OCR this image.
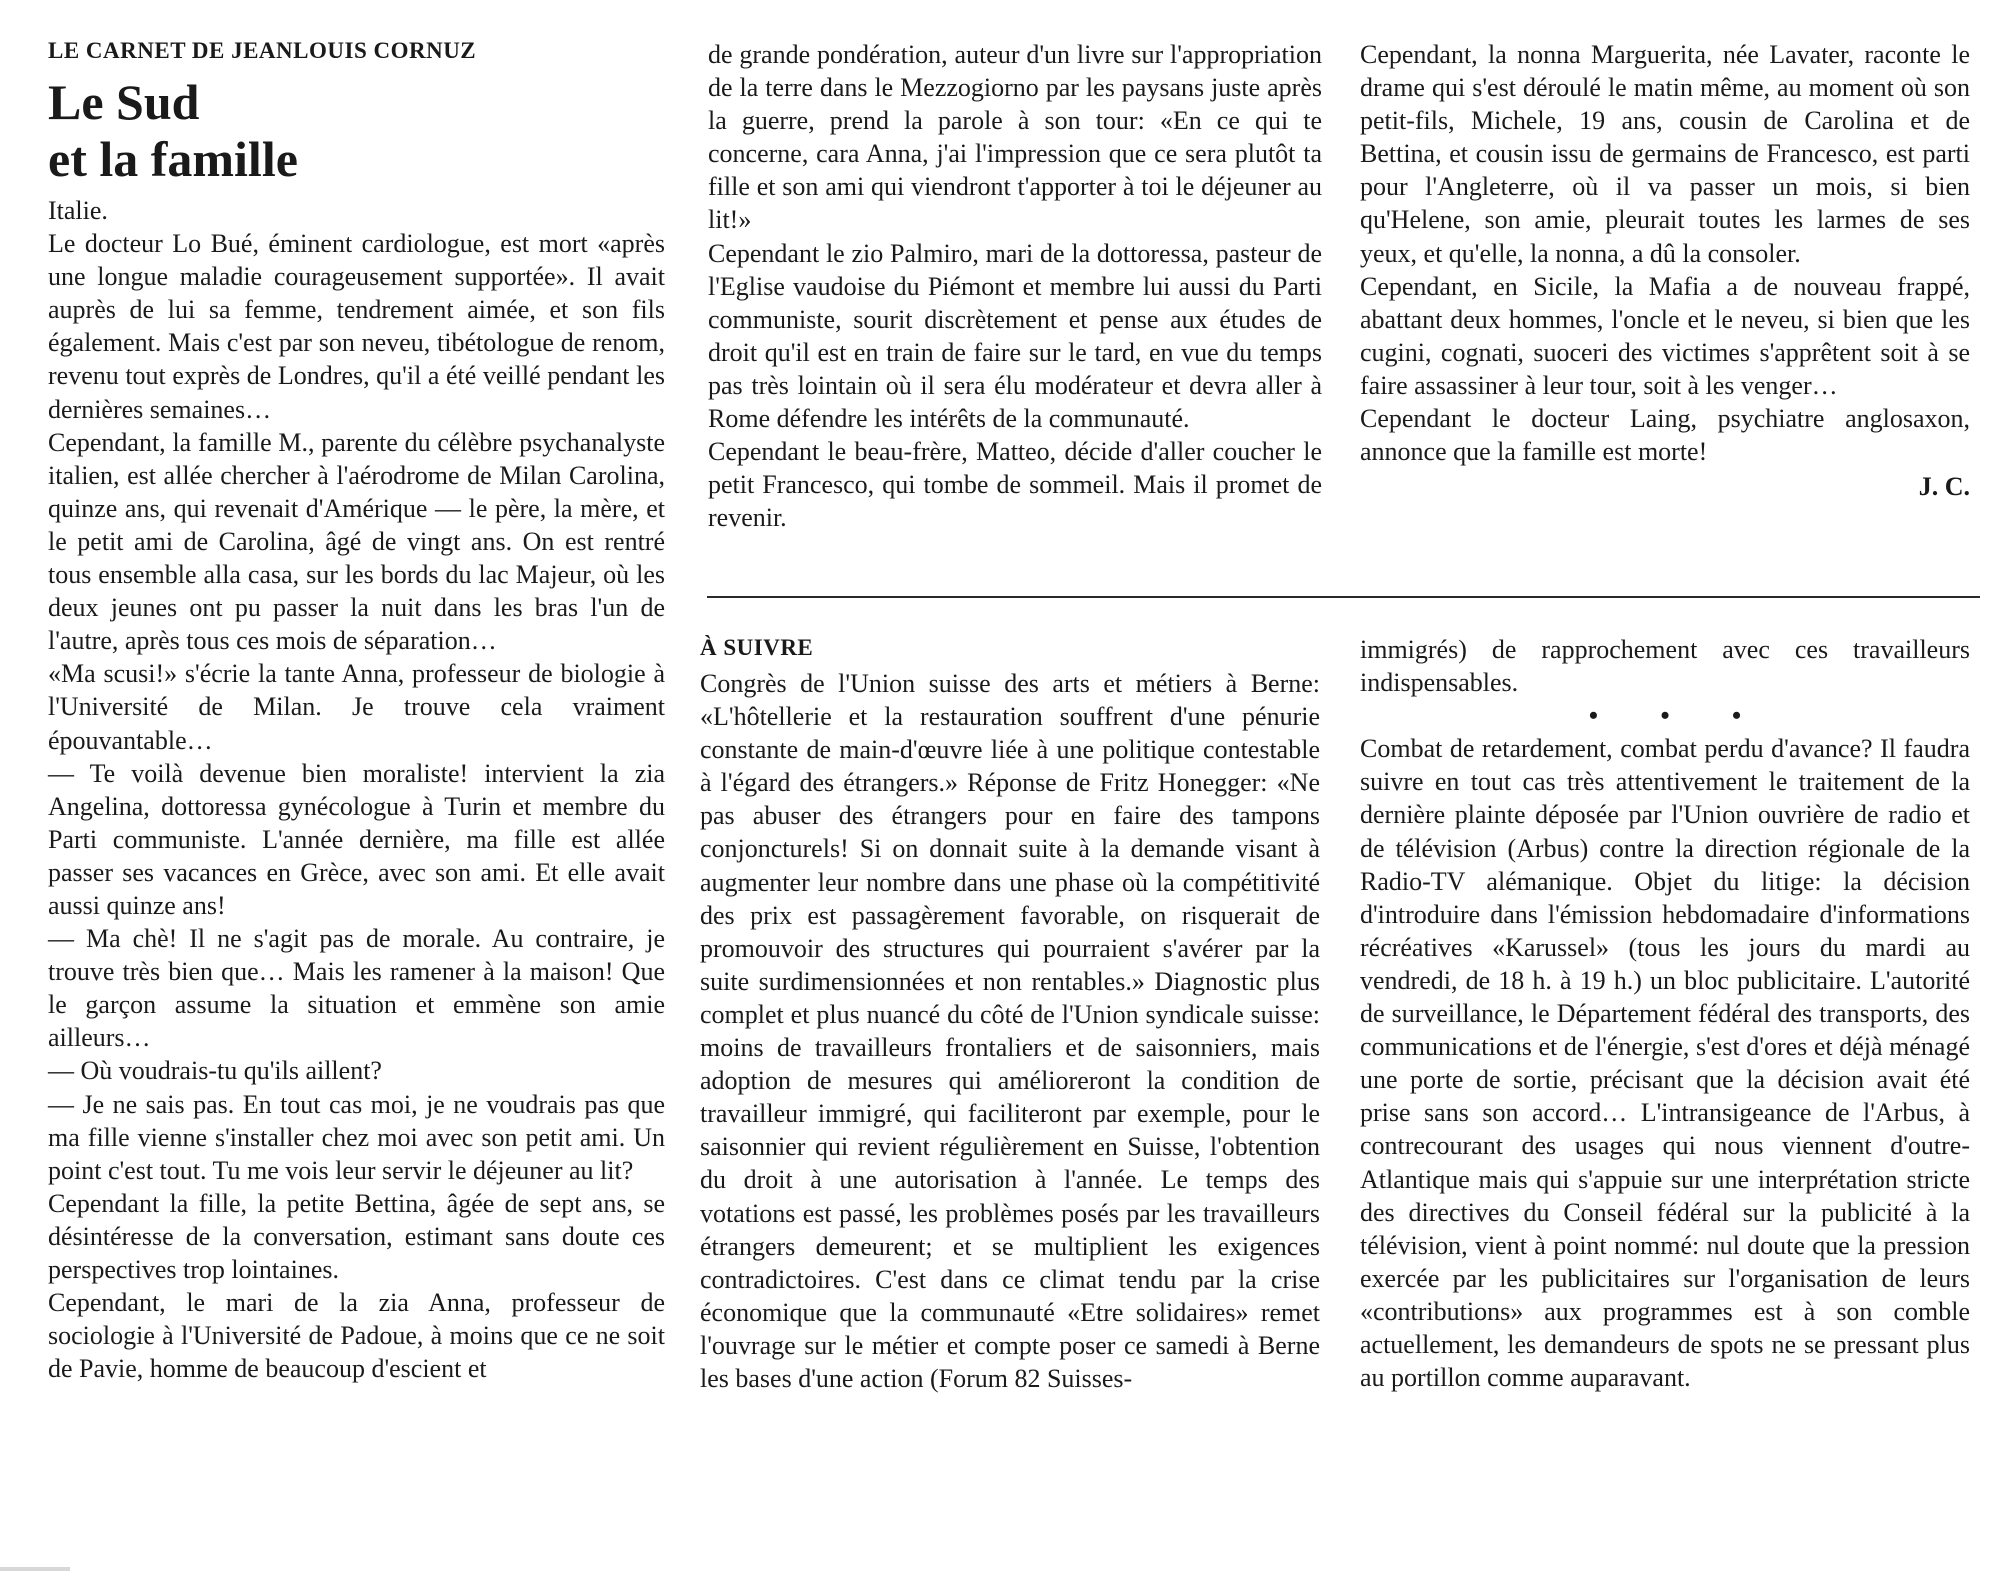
LE CARNET DE JEANLOUIS CORNUZ
Le Sud
et la famille

Italie.

Le docteur Lo Bué, éminent cardiologue, est mort «après une longue maladie courageusement supportée». Il avait auprès de lui sa femme, tendrement aimée, et son fils également. Mais c'est par son neveu, tibétologue de renom, revenu tout exprès de Londres, qu'il a été veillé pendant les dernières semaines…

Cependant, la famille M., parente du célèbre psychanalyste italien, est allée chercher à l'aérodrome de Milan Carolina, quinze ans, qui revenait d'Amérique — le père, la mère, et le petit ami de Carolina, âgé de vingt ans. On est rentré tous ensemble alla casa, sur les bords du lac Majeur, où les deux jeunes ont pu passer la nuit dans les bras l'un de l'autre, après tous ces mois de séparation…

«Ma scusi!» s'écrie la tante Anna, professeur de biologie à l'Université de Milan. Je trouve cela vraiment épouvantable…

— Te voilà devenue bien moraliste! intervient la zia Angelina, dottoressa gynécologue à Turin et membre du Parti communiste. L'année dernière, ma fille est allée passer ses vacances en Grèce, avec son ami. Et elle avait aussi quinze ans!

— Ma chè! Il ne s'agit pas de morale. Au contraire, je trouve très bien que… Mais les ramener à la maison! Que le garçon assume la situation et emmène son amie ailleurs…

— Où voudrais-tu qu'ils aillent?

— Je ne sais pas. En tout cas moi, je ne voudrais pas que ma fille vienne s'installer chez moi avec son petit ami. Un point c'est tout. Tu me vois leur servir le déjeuner au lit?

Cependant la fille, la petite Bettina, âgée de sept ans, se désintéresse de la conversation, estimant sans doute ces perspectives trop lointaines.

Cependant, le mari de la zia Anna, professeur de sociologie à l'Université de Padoue, à moins que ce ne soit de Pavie, homme de beaucoup d'escient et

de grande pondération, auteur d'un livre sur l'appropriation de la terre dans le Mezzogiorno par les paysans juste après la guerre, prend la parole à son tour: «En ce qui te concerne, cara Anna, j'ai l'impression que ce sera plutôt ta fille et son ami qui viendront t'apporter à toi le déjeuner au lit!»

Cependant le zio Palmiro, mari de la dottoressa, pasteur de l'Eglise vaudoise du Piémont et membre lui aussi du Parti communiste, sourit discrètement et pense aux études de droit qu'il est en train de faire sur le tard, en vue du temps pas très lointain où il sera élu modérateur et devra aller à Rome défendre les intérêts de la communauté.

Cependant le beau-frère, Matteo, décide d'aller coucher le petit Francesco, qui tombe de sommeil. Mais il promet de revenir.

Cependant, la nonna Marguerita, née Lavater, raconte le drame qui s'est déroulé le matin même, au moment où son petit-fils, Michele, 19 ans, cousin de Carolina et de Bettina, et cousin issu de germains de Francesco, est parti pour l'Angleterre, où il va passer un mois, si bien qu'Helene, son amie, pleurait toutes les larmes de ses yeux, et qu'elle, la nonna, a dû la consoler.

Cependant, en Sicile, la Mafia a de nouveau frappé, abattant deux hommes, l'oncle et le neveu, si bien que les cugini, cognati, suoceri des victimes s'apprêtent soit à se faire assassiner à leur tour, soit à les venger…

Cependant le docteur Laing, psychiatre anglosaxon, annonce que la famille est morte!

J. C.

À SUIVRE

Congrès de l'Union suisse des arts et métiers à Berne: «L'hôtellerie et la restauration souffrent d'une pénurie constante de main-d'œuvre liée à une politique contestable à l'égard des étrangers.» Réponse de Fritz Honegger: «Ne pas abuser des étrangers pour en faire des tampons conjoncturels! Si on donnait suite à la demande visant à augmenter leur nombre dans une phase où la compétitivité des prix est passagèrement favorable, on risquerait de promouvoir des structures qui pourraient s'avérer par la suite surdimensionnées et non rentables.» Diagnostic plus complet et plus nuancé du côté de l'Union syndicale suisse: moins de travailleurs frontaliers et de saisonniers, mais adoption de mesures qui amélioreront la condition de travailleur immigré, qui faciliteront par exemple, pour le saisonnier qui revient régulièrement en Suisse, l'obtention du droit à une autorisation à l'année. Le temps des votations est passé, les problèmes posés par les travailleurs étrangers demeurent; et se multiplient les exigences contradictoires. C'est dans ce climat tendu par la crise économique que la communauté «Etre solidaires» remet l'ouvrage sur le métier et compte poser ce samedi à Berne les bases d'une action (Forum 82 Suisses-

immigrés) de rapprochement avec ces travailleurs indispensables.

• • •

Combat de retardement, combat perdu d'avance? Il faudra suivre en tout cas très attentivement le traitement de la dernière plainte déposée par l'Union ouvrière de radio et de télévision (Arbus) contre la direction régionale de la Radio-TV alémanique. Objet du litige: la décision d'introduire dans l'émission hebdomadaire d'informations récréatives «Karussel» (tous les jours du mardi au vendredi, de 18 h. à 19 h.) un bloc publicitaire. L'autorité de surveillance, le Département fédéral des transports, des communications et de l'énergie, s'est d'ores et déjà ménagé une porte de sortie, précisant que la décision avait été prise sans son accord… L'intransigeance de l'Arbus, à contrecourant des usages qui nous viennent d'outre-Atlantique mais qui s'appuie sur une interprétation stricte des directives du Conseil fédéral sur la publicité à la télévision, vient à point nommé: nul doute que la pression exercée par les publicitaires sur l'organisation de leurs «contributions» aux programmes est à son comble actuellement, les demandeurs de spots ne se pressant plus au portillon comme auparavant.
